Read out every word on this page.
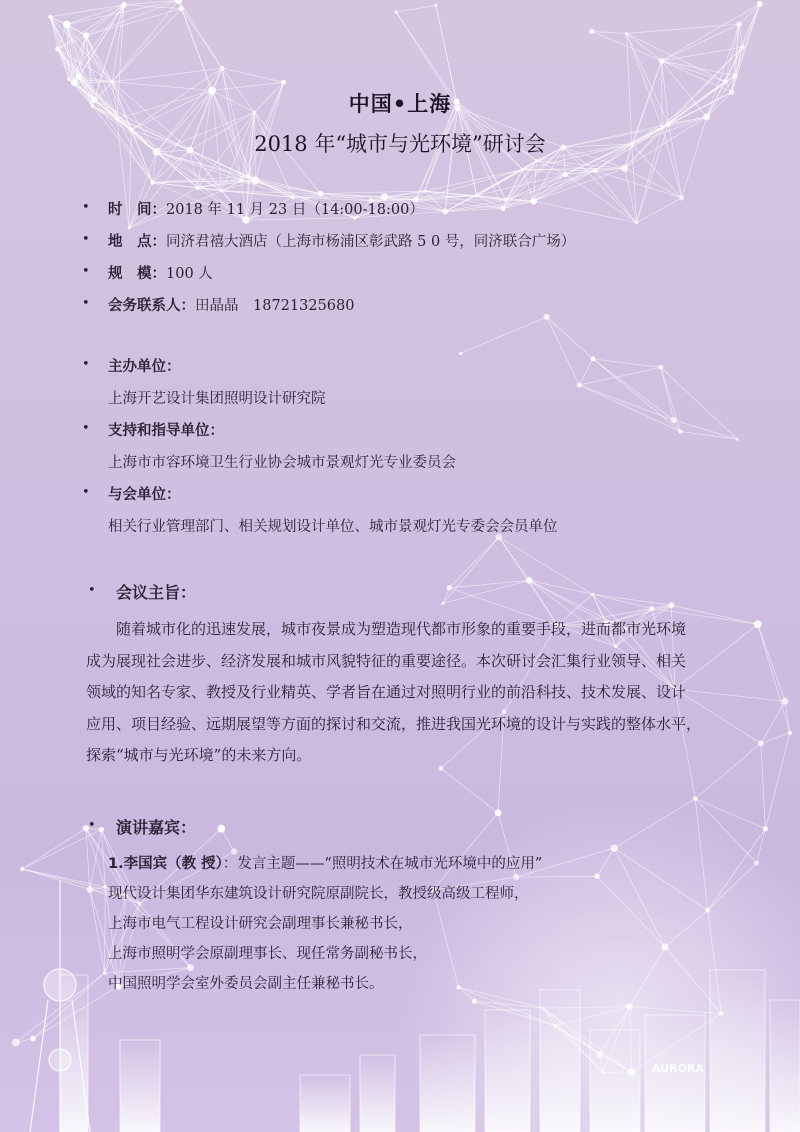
AURORA
中国•上海
2018 年“城市与光环境”研讨会
• 时　间：2018 年 11 月 23 日（14:00-18:00）
• 地　点：同济君禧大酒店（上海市杨浦区彰武路 5 0 号，同济联合广场）
• 规　模：100 人
• 会务联系人：田晶晶　18721325680
• 主办单位：
上海开艺设计集团照明设计研究院
• 支持和指导单位：
上海市市容环境卫生行业协会城市景观灯光专业委员会
• 与会单位：
相关行业管理部门、相关规划设计单位、城市景观灯光专委会会员单位
• 会议主旨：
随着城市化的迅速发展，城市夜景成为塑造现代都市形象的重要手段，进而都市光环境
成为展现社会进步、经济发展和城市风貌特征的重要途径。本次研讨会汇集行业领导、相关
领域的知名专家、教授及行业精英、学者旨在通过对照明行业的前沿科技、技术发展、设计
应用、项目经验、远期展望等方面的探讨和交流，推进我国光环境的设计与实践的整体水平，
探索“城市与光环境”的未来方向。
• 演讲嘉宾：
1.李国宾（教 授）：发言主题——“照明技术在城市光环境中的应用”
现代设计集团华东建筑设计研究院原副院长，教授级高级工程师，
上海市电气工程设计研究会副理事长兼秘书长，
上海市照明学会原副理事长、现任常务副秘书长，
中国照明学会室外委员会副主任兼秘书长。
